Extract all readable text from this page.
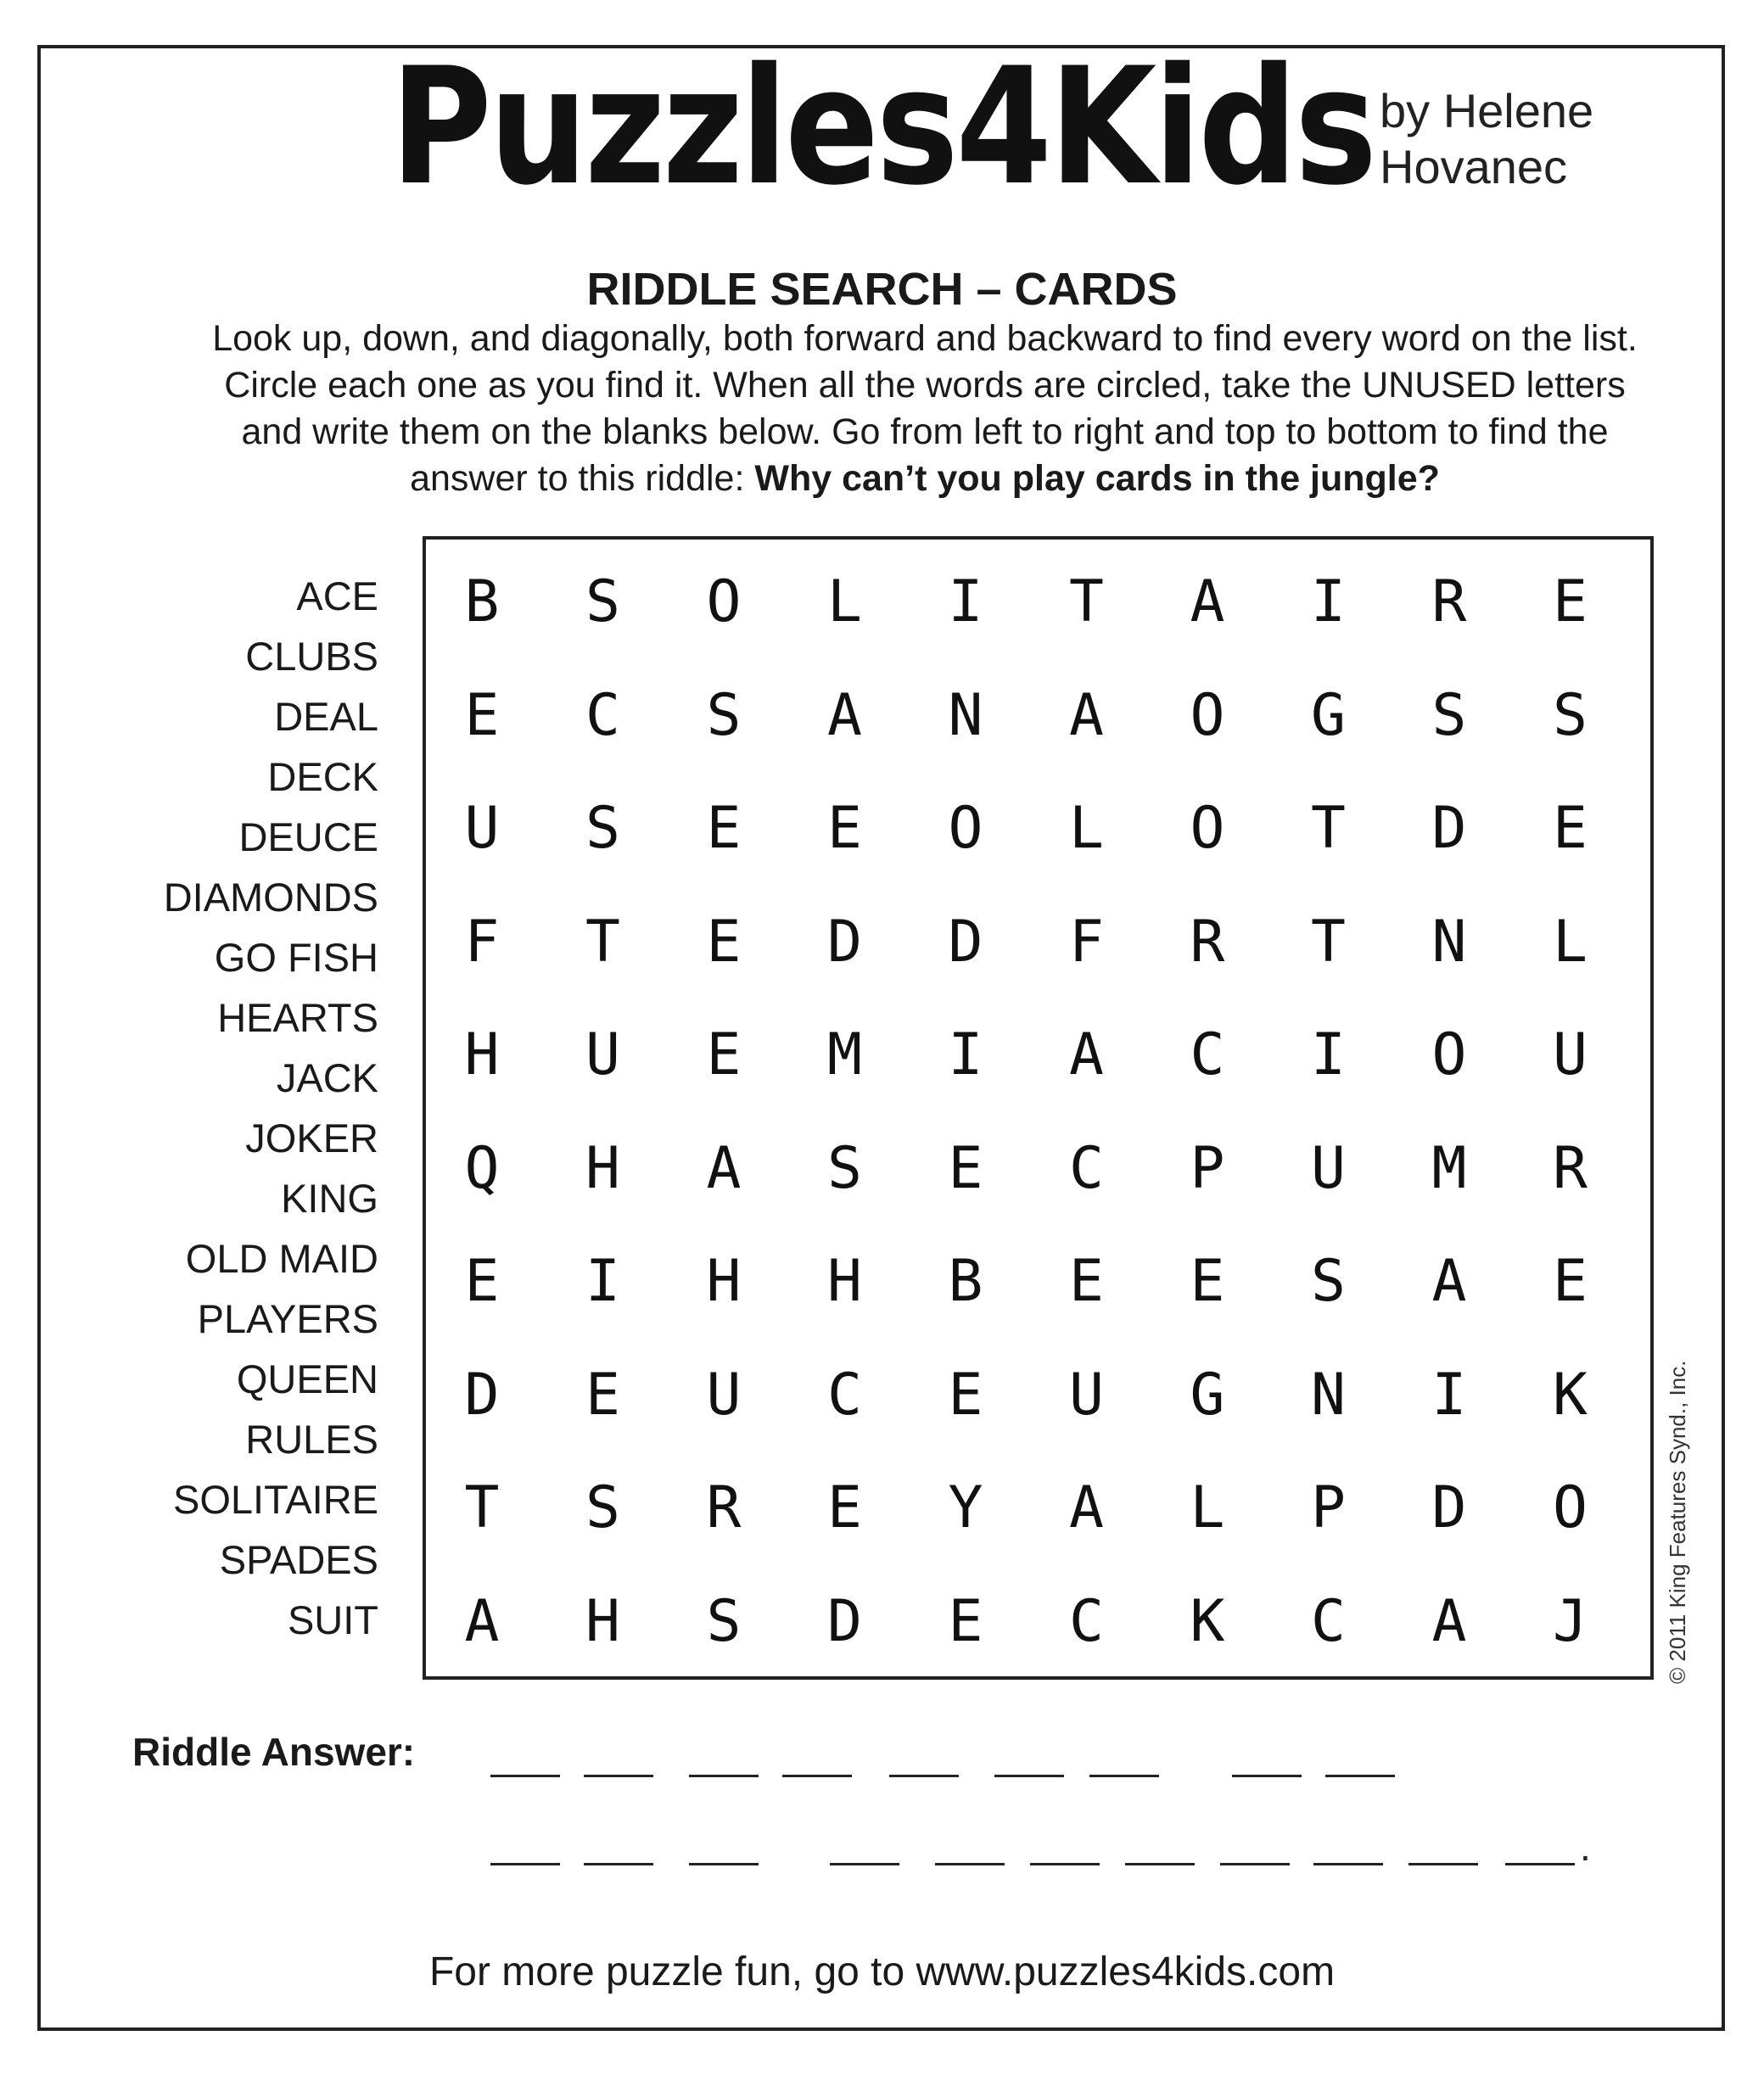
Puzzles4Kids by Helene
Hovanec
RIDDLE SEARCH – CARDS
Look up, down, and diagonally, both forward and backward to find every word on the list.
Circle each one as you find it. When all the words are circled, take the UNUSED letters
and write them on the blanks below. Go from left to right and top to bottom to find the
answer to this riddle: Why can’t you play cards in the jungle?
ACE
CLUBS
DEAL
DECK
DEUCE
DIAMONDS
GO FISH
HEARTS
JACK
JOKER
KING
OLD MAID
PLAYERS
QUEEN
RULES
SOLITAIRE
SPADES
SUIT
B	S	O	L	I	T	A	I	R	E
E	C	S	A	N	A	O	G	S	S
U	S	E	E	O	L	O	T	D	E
F	T	E	D	D	F	R	T	N	L
H	U	E	M	I	A	C	I	O	U
Q	H	A	S	E	C	P	U	M	R
E	I	H	H	B	E	E	S	A	E
D	E	U	C	E	U	G	N	I	K
T	S	R	E	Y	A	L	P	D	O
A	H	S	D	E	C	K	C	A	J	© 2011 King Features Synd., Inc.
Riddle Answer:
.
For more puzzle fun, go to www.puzzles4kids.com
